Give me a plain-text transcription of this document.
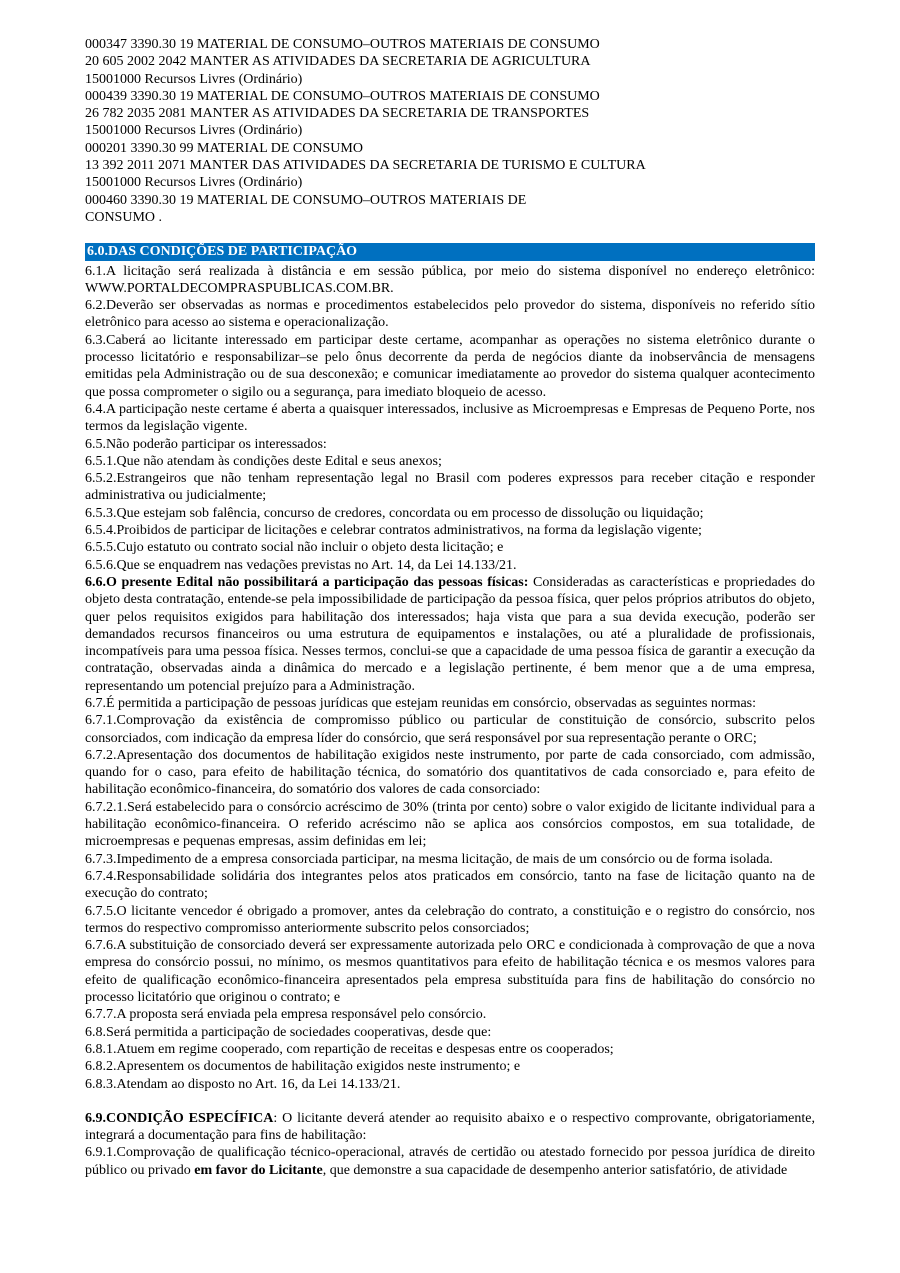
000347 3390.30 19 MATERIAL DE CONSUMO–OUTROS MATERIAIS DE CONSUMO
20 605 2002 2042 MANTER AS ATIVIDADES DA SECRETARIA DE AGRICULTURA
15001000 Recursos Livres (Ordinário)
000439 3390.30 19 MATERIAL DE CONSUMO–OUTROS MATERIAIS DE CONSUMO
26 782 2035 2081 MANTER AS ATIVIDADES DA SECRETARIA DE TRANSPORTES
15001000 Recursos Livres (Ordinário)
000201 3390.30 99 MATERIAL DE CONSUMO
13 392 2011 2071 MANTER DAS ATIVIDADES DA SECRETARIA DE TURISMO E CULTURA
15001000 Recursos Livres (Ordinário)
000460 3390.30 19 MATERIAL DE CONSUMO–OUTROS MATERIAIS DE
CONSUMO .
6.0.DAS CONDIÇÕES DE PARTICIPAÇÃO

6.1.A licitação será realizada à distância e em sessão pública, por meio do sistema disponível no endereço eletrônico: WWW.PORTALDECOMPRASPUBLICAS.COM.BR.

6.2.Deverão ser observadas as normas e procedimentos estabelecidos pelo provedor do sistema, disponíveis no referido sítio eletrônico para acesso ao sistema e operacionalização.

6.3.Caberá ao licitante interessado em participar deste certame, acompanhar as operações no sistema eletrônico durante o processo licitatório e responsabilizar–se pelo ônus decorrente da perda de negócios diante da inobservância de mensagens emitidas pela Administração ou de sua desconexão; e comunicar imediatamente ao provedor do sistema qualquer acontecimento que possa comprometer o sigilo ou a segurança, para imediato bloqueio de acesso.

6.4.A participação neste certame é aberta a quaisquer interessados, inclusive as Microempresas e Empresas de Pequeno Porte, nos termos da legislação vigente.

6.5.Não poderão participar os interessados:

6.5.1.Que não atendam às condições deste Edital e seus anexos;

6.5.2.Estrangeiros que não tenham representação legal no Brasil com poderes expressos para receber citação e responder administrativa ou judicialmente;

6.5.3.Que estejam sob falência, concurso de credores, concordata ou em processo de dissolução ou liquidação;

6.5.4.Proibidos de participar de licitações e celebrar contratos administrativos, na forma da legislação vigente;

6.5.5.Cujo estatuto ou contrato social não incluir o objeto desta licitação; e

6.5.6.Que se enquadrem nas vedações previstas no Art. 14, da Lei 14.133/21.

6.6.O presente Edital não possibilitará a participação das pessoas físicas: Consideradas as características e propriedades do objeto desta contratação, entende-se pela impossibilidade de participação da pessoa física, quer pelos próprios atributos do objeto, quer pelos requisitos exigidos para habilitação dos interessados; haja vista que para a sua devida execução, poderão ser demandados recursos financeiros ou uma estrutura de equipamentos e instalações, ou até a pluralidade de profissionais, incompatíveis para uma pessoa física. Nesses termos, conclui-se que a capacidade de uma pessoa física de garantir a execução da contratação, observadas ainda a dinâmica do mercado e a legislação pertinente, é bem menor que a de uma empresa, representando um potencial prejuízo para a Administração.

6.7.É permitida a participação de pessoas jurídicas que estejam reunidas em consórcio, observadas as seguintes normas:

6.7.1.Comprovação da existência de compromisso público ou particular de constituição de consórcio, subscrito pelos consorciados, com indicação da empresa líder do consórcio, que será responsável por sua representação perante o ORC;

6.7.2.Apresentação dos documentos de habilitação exigidos neste instrumento, por parte de cada consorciado, com admissão, quando for o caso, para efeito de habilitação técnica, do somatório dos quantitativos de cada consorciado e, para efeito de habilitação econômico-financeira, do somatório dos valores de cada consorciado:

6.7.2.1.Será estabelecido para o consórcio acréscimo de 30% (trinta por cento) sobre o valor exigido de licitante individual para a habilitação econômico-financeira. O referido acréscimo não se aplica aos consórcios compostos, em sua totalidade, de microempresas e pequenas empresas, assim definidas em lei;

6.7.3.Impedimento de a empresa consorciada participar, na mesma licitação, de mais de um consórcio ou de forma isolada.

6.7.4.Responsabilidade solidária dos integrantes pelos atos praticados em consórcio, tanto na fase de licitação quanto na de execução do contrato;

6.7.5.O licitante vencedor é obrigado a promover, antes da celebração do contrato, a constituição e o registro do consórcio, nos termos do respectivo compromisso anteriormente subscrito pelos consorciados;

6.7.6.A substituição de consorciado deverá ser expressamente autorizada pelo ORC e condicionada à comprovação de que a nova empresa do consórcio possui, no mínimo, os mesmos quantitativos para efeito de habilitação técnica e os mesmos valores para efeito de qualificação econômico-financeira apresentados pela empresa substituída para fins de habilitação do consórcio no processo licitatório que originou o contrato; e

6.7.7.A proposta será enviada pela empresa responsável pelo consórcio.

6.8.Será permitida a participação de sociedades cooperativas, desde que:

6.8.1.Atuem em regime cooperado, com repartição de receitas e despesas entre os cooperados;

6.8.2.Apresentem os documentos de habilitação exigidos neste instrumento; e

6.8.3.Atendam ao disposto no Art. 16, da Lei 14.133/21.

6.9.CONDIÇÃO ESPECÍFICA: O licitante deverá atender ao requisito abaixo e o respectivo comprovante, obrigatoriamente, integrará a documentação para fins de habilitação:

6.9.1.Comprovação de qualificação técnico-operacional, através de certidão ou atestado fornecido por pessoa jurídica de direito público ou privado em favor do Licitante, que demonstre a sua capacidade de desempenho anterior satisfatório, de atividade
